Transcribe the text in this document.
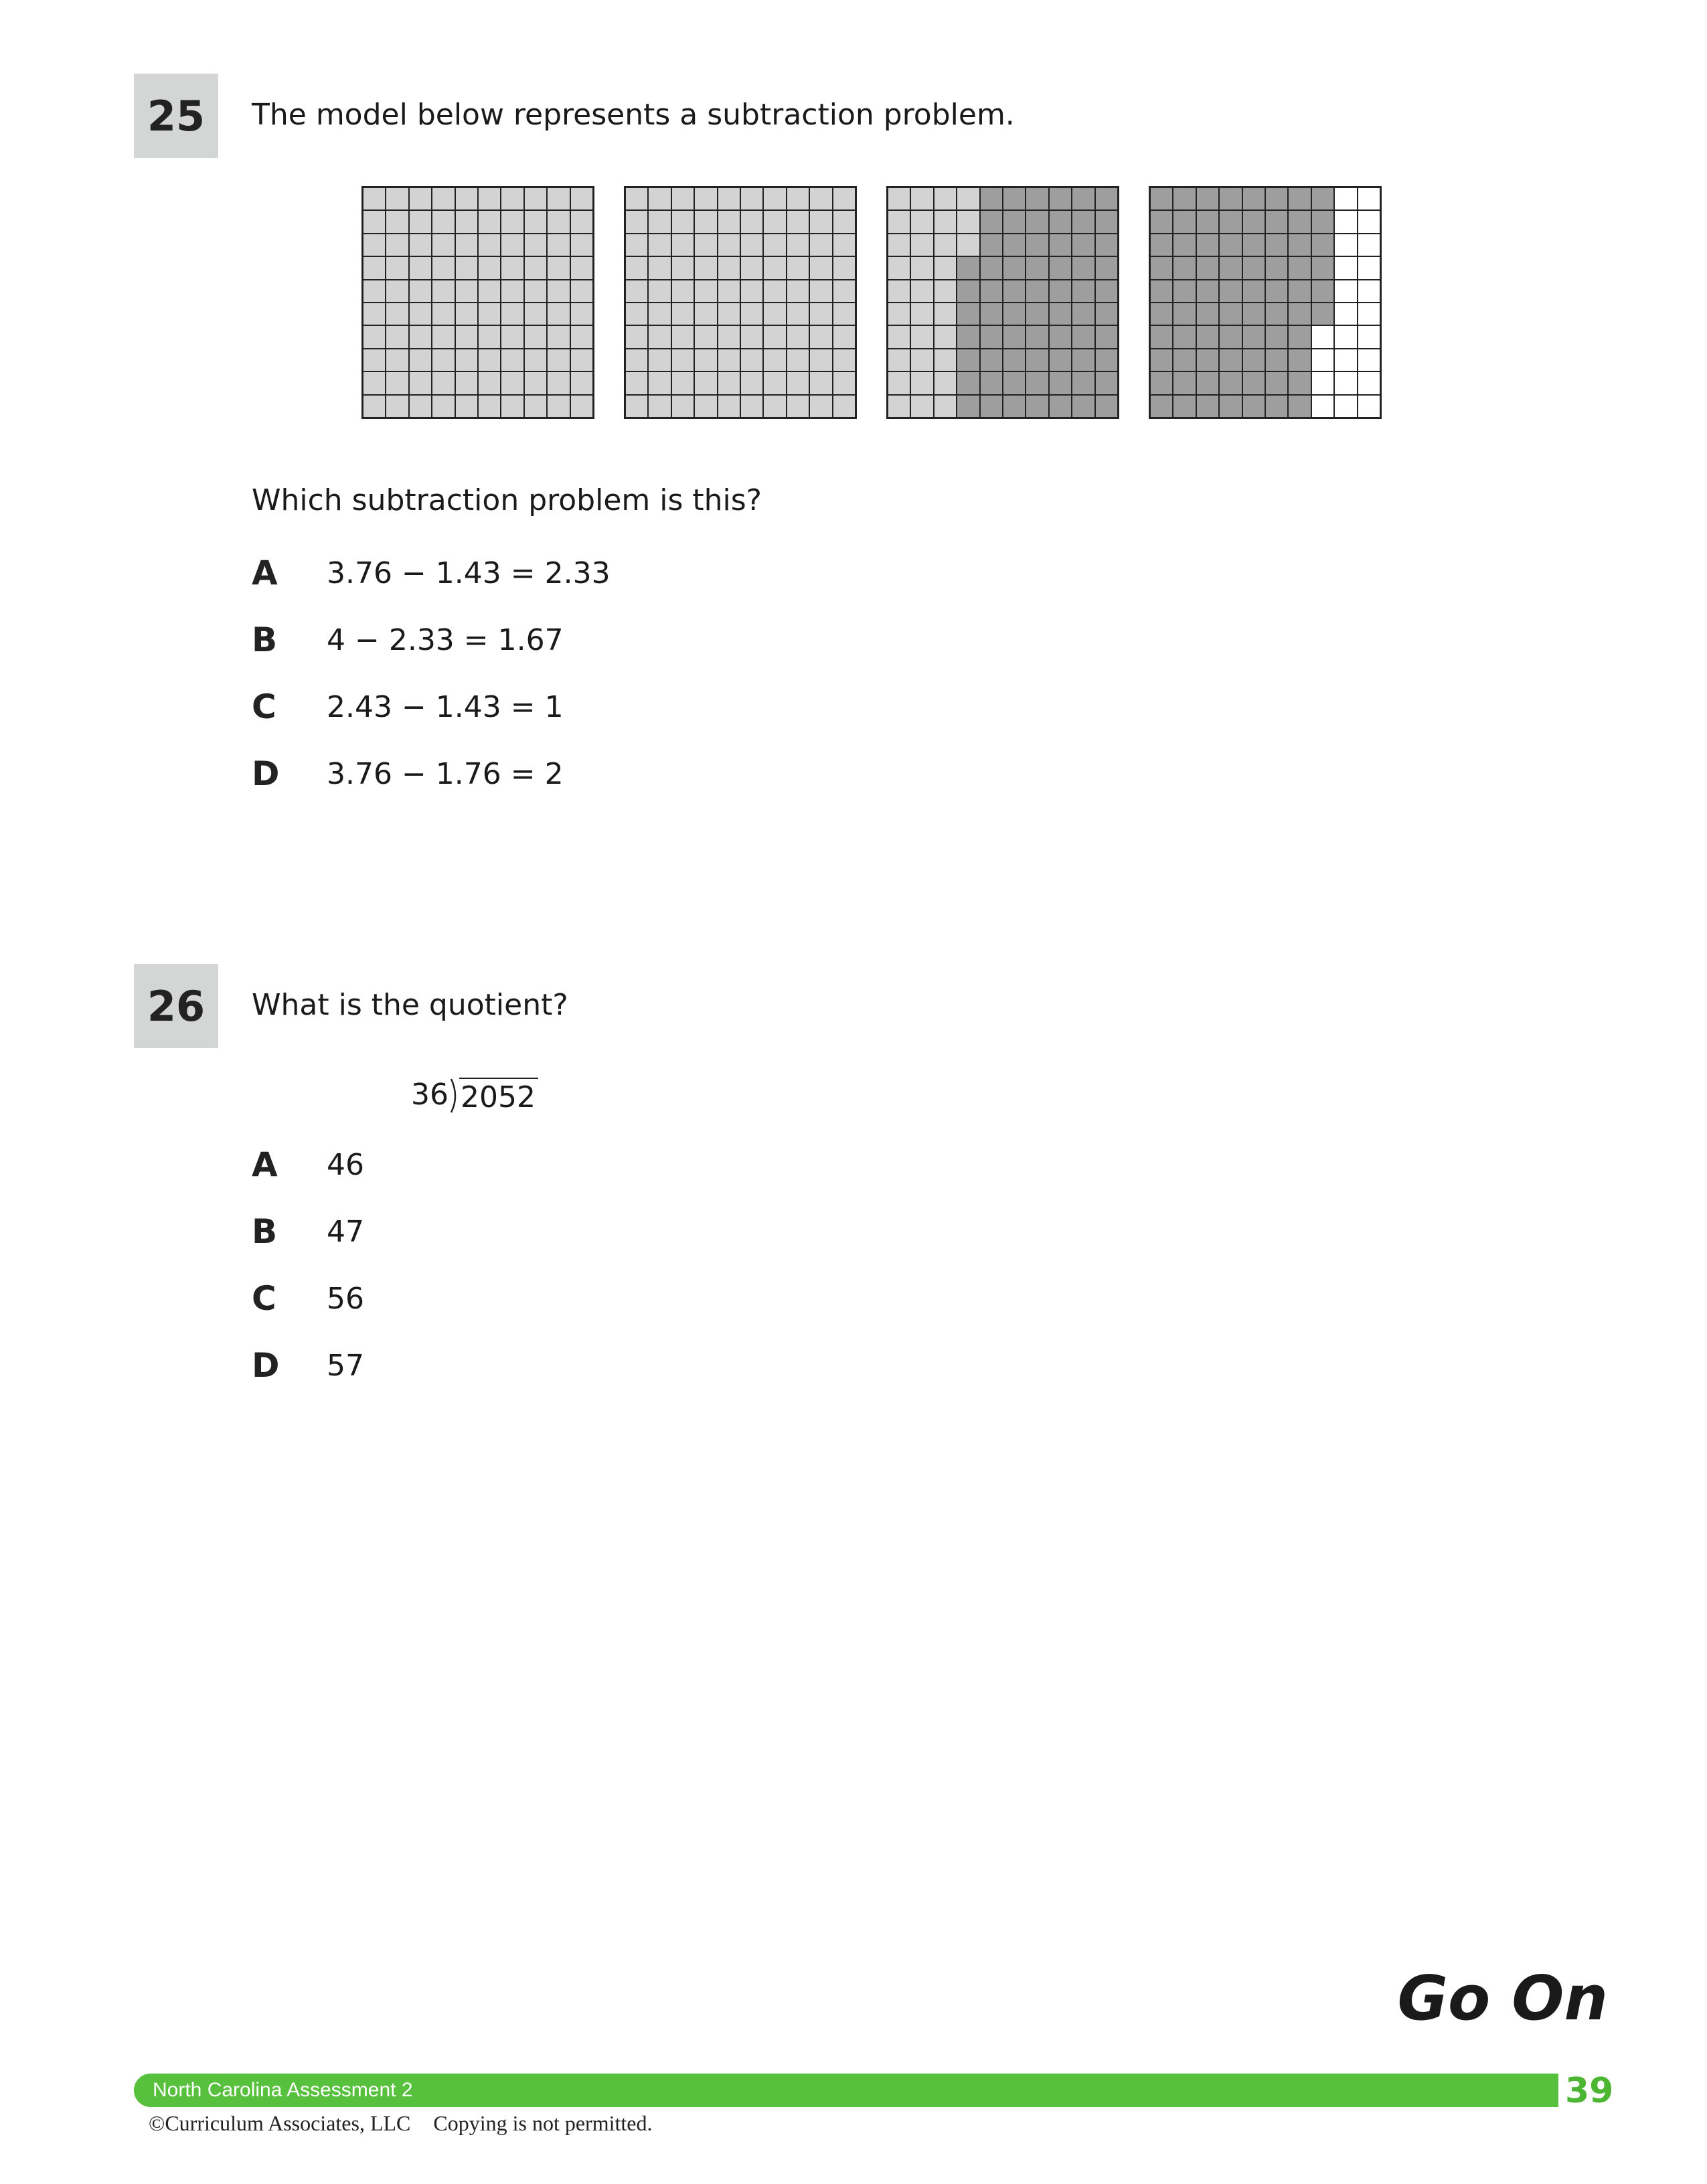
25	The model below represents a subtraction problem.
Which subtraction problem is this?
A	3.76 − 1.43 = 2.33
B	4 − 2.33 = 1.67
C	2.43 − 1.43 = 1
D	3.76 − 1.76 = 2
26	What is the quotient?
36 2052
A	46
B	47
C	56
D	57
Go On
North Carolina Assessment 2	39
©Curriculum Associates, LLC Copying is not permitted.
